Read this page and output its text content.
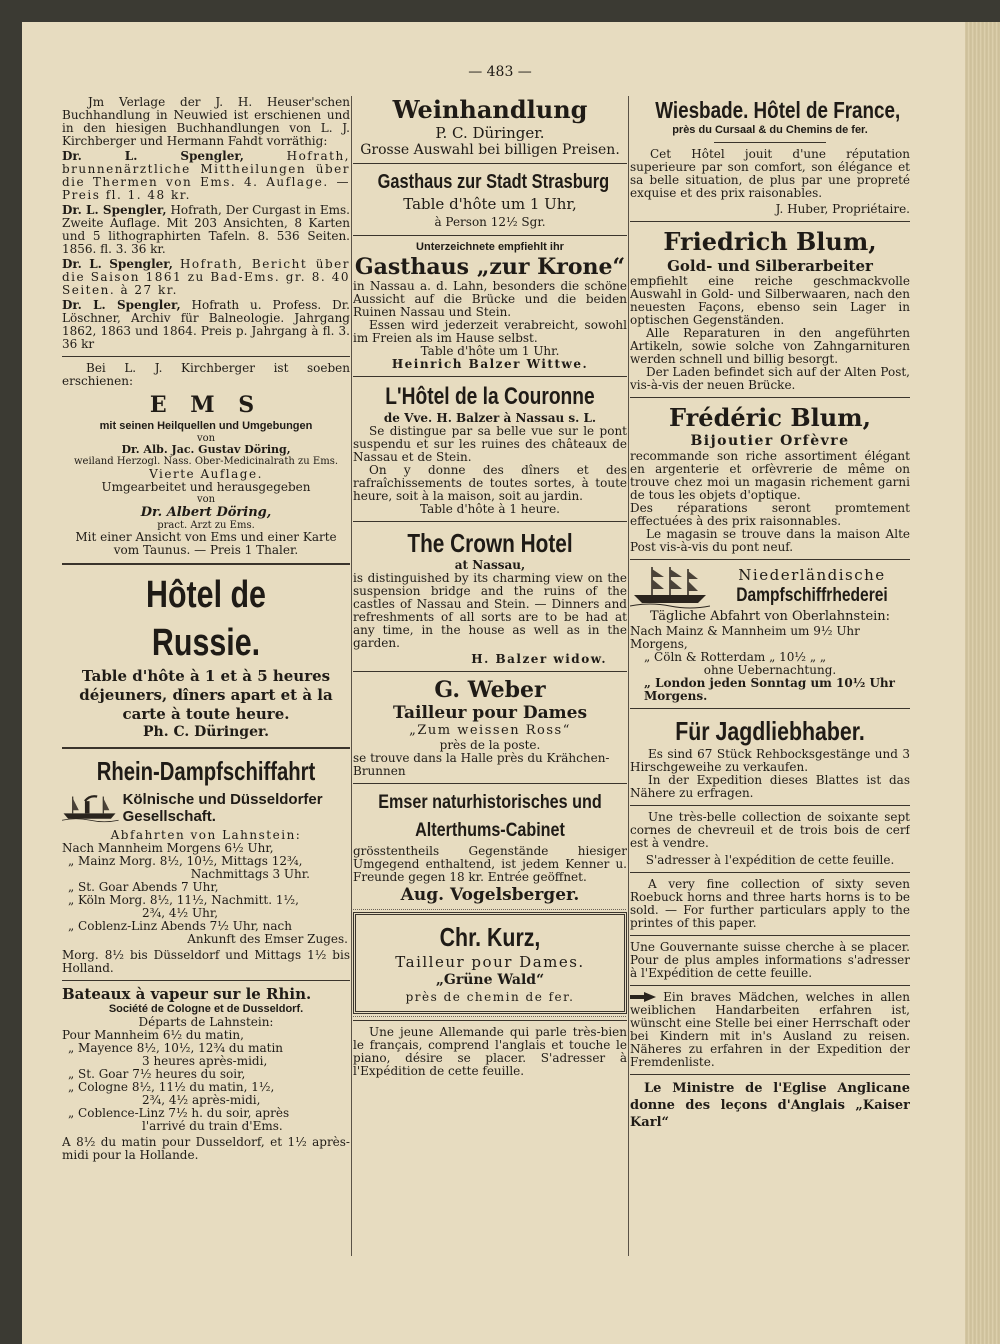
— 483 —

Jm Verlage der J. H. Heuser'schen Buchhandlung in Neuwied ist erschienen und in den hiesigen Buchhandlungen von L. J. Kirchberger und Hermann Fahdt vorräthig:

Dr. L. Spengler,	Hofrath, brunnenärztliche Mittheilungen über die Thermen von Ems. 4. Auflage. — Preis fl. 1. 48 kr.

Dr. L. Spengler, Hofrath, Der Curgast in Ems. Zweite Auflage. Mit 203 Ansichten, 8 Karten und 5 lithographirten Tafeln. 8. 536 Seiten. 1856. fl. 3. 36 kr.

Dr. L. Spengler, Hofrath, Bericht über die Saison 1861 zu Bad-Ems. gr. 8. 40 Seiten. à 27 kr.

Dr. L. Spengler, Hofrath u. Profess. Dr. Löschner, Archiv für Balneologie. Jahrgang 1862, 1863 und 1864. Preis p. Jahrgang à fl. 3. 36 kr

Bei L. J. Kirchberger ist soeben erschienen:

E M S

mit seinen Heilquellen und Umgebungen

von

Dr. Alb. Jac. Gustav Döring,

weiland Herzogl. Nass. Ober-Medicinalrath zu Ems.

Vierte Auflage.

Umgearbeitet und herausgegeben

von

Dr. Albert Döring,

pract. Arzt zu Ems.

Mit einer Ansicht von Ems und einer Karte vom Taunus. — Preis 1 Thaler.

Hôtel de Russie.

Table d'hôte à 1 et à 5 heures déjeuners, dîners apart et à la carte à toute heure.

Ph. C. Düringer.

Rhein-Dampfschiffahrt

Kölnische und Düsseldorfer Gesellschaft.

Abfahrten von Lahnstein:

Nach Mannheim Morgens 6½ Uhr,

„ Mainz Morg. 8½, 10½, Mittags 12¾,

Nachmittags 3 Uhr.

„ St. Goar Abends 7 Uhr,

„ Köln Morg. 8½, 11½, Nachmitt. 1½,

2¾, 4½ Uhr,

„ Coblenz-Linz Abends 7½ Uhr, nach

Ankunft des Emser Zuges.

Morg. 8½ bis Düsseldorf und Mittags 1½ bis Holland.

Bateaux à vapeur sur le Rhin.

Société de Cologne et de Dusseldorf.

Départs de Lahnstein:

Pour Mannheim 6½ du matin,

„ Mayence 8½, 10½, 12¾ du matin

3 heures après-midi,

„ St. Goar 7½ heures du soir,

„ Cologne 8½, 11½ du matin, 1½,

2¾, 4½ après-midi,

„ Coblence-Linz 7½ h. du soir, après

l'arrivé du train d'Ems.

A 8½ du matin pour Dusseldorf, et 1½ après-midi pour la Hollande.

Weinhandlung

P. C. Düringer.

Grosse Auswahl bei billigen Preisen.

Gasthaus zur Stadt Strasburg

Table d'hôte um 1 Uhr,

à Person 12½ Sgr.

Unterzeichnete empfiehlt ihr

Gasthaus „zur Krone“

in Nassau a. d. Lahn, besonders die schöne Aussicht auf die Brücke und die beiden Ruinen Nassau und Stein.

Essen wird jederzeit verabreicht, sowohl im Freien als im Hause selbst.

Table d'hôte um 1 Uhr.

Heinrich Balzer Wittwe.

L'Hôtel de la Couronne

de Vve. H. Balzer à Nassau s. L.

Se distingue par sa belle vue sur le pont suspendu et sur les ruines des châteaux de Nassau et de Stein.

On y donne des dîners et des rafraîchissements de toutes sortes, à toute heure, soit à la maison, soit au jardin.

Table d'hôte à 1 heure.

The Crown Hotel

at Nassau,

is distinguished by its charming view on the suspension bridge and the ruins of the castles of Nassau and Stein. — Dinners and refreshments of all sorts are to be had at any time, in the house as well as in the garden.

H. Balzer widow.

G. Weber

Tailleur pour Dames

„Zum weissen Ross“

près de la poste.

se trouve dans la Halle près du Krähchen-Brunnen

Emser naturhistorisches und Alterthums-Cabinet

grösstentheils Gegenstände hiesiger Umgegend enthaltend, ist jedem Kenner u. Freunde gegen 18 kr. Entrée geöffnet.

Aug. Vogelsberger.

Chr. Kurz,

Tailleur pour Dames.

„Grüne Wald“

près de chemin de fer.

Une jeune Allemande qui parle très-bien le français, comprend l'anglais et touche le piano, désire se placer. S'adresser à l'Expédition de cette feuille.

Wiesbade. Hôtel de France,

près du Cursaal & du Chemins de fer.

Cet Hôtel jouit d'une réputation superieure par son comfort, son élégance et sa belle situation, de plus par une propreté exquise et des prix raisonables.

J. Huber, Propriétaire.

Friedrich Blum,

Gold- und Silberarbeiter

empfiehlt eine reiche geschmackvolle Auswahl in Gold- und Silberwaaren, nach den neuesten Façons, ebenso sein Lager in optischen Gegenständen.

Alle Reparaturen in den angeführten Artikeln, sowie solche von Zahngarnituren werden schnell und billig besorgt.

Der Laden befindet sich auf der Alten Post, vis-à-vis der neuen Brücke.

Frédéric Blum,

Bijoutier Orfèvre

recommande son riche assortiment élégant en argenterie et orfèvrerie de même on trouve chez moi un magasin richement garni de tous les objets d'optique.

Des réparations seront promtement effectuées à des prix raisonnables.

Le magasin se trouve dans la maison Alte Post vis-à-vis du pont neuf.

Niederländische

Dampfschiffrhederei

Tägliche Abfahrt von Oberlahnstein:

Nach Mainz & Mannheim um 9½ Uhr Morgens,

„ Cöln & Rotterdam „ 10½ „ „

ohne Uebernachtung.

„ London jeden Sonntag um 10½ Uhr Morgens.

Für Jagdliebhaber.

Es sind 67 Stück Rehbocksgestänge und 3 Hirschgeweihe zu verkaufen.

In der Expedition dieses Blattes ist das Nähere zu erfragen.

Une très-belle collection de soixante sept cornes de chevreuil et de trois bois de cerf est à vendre.

S'adresser à l'expédition de cette feuille.

A very fine collection of sixty seven Roebuck horns and three harts horns is to be sold. — For further particulars apply to the printes of this paper.

Une Gouvernante suisse cherche à se placer. Pour de plus amples informations s'adresser à l'Expédition de cette feuille.

Ein braves Mädchen, welches in allen weiblichen Handarbeiten erfahren ist, wünscht eine Stelle bei einer Herrschaft oder bei Kindern mit in's Ausland zu reisen. Näheres zu erfahren in der Expedition der Fremdenliste.

Le Ministre de l'Eglise Anglicane donne des leçons d'Anglais „Kaiser Karl“
